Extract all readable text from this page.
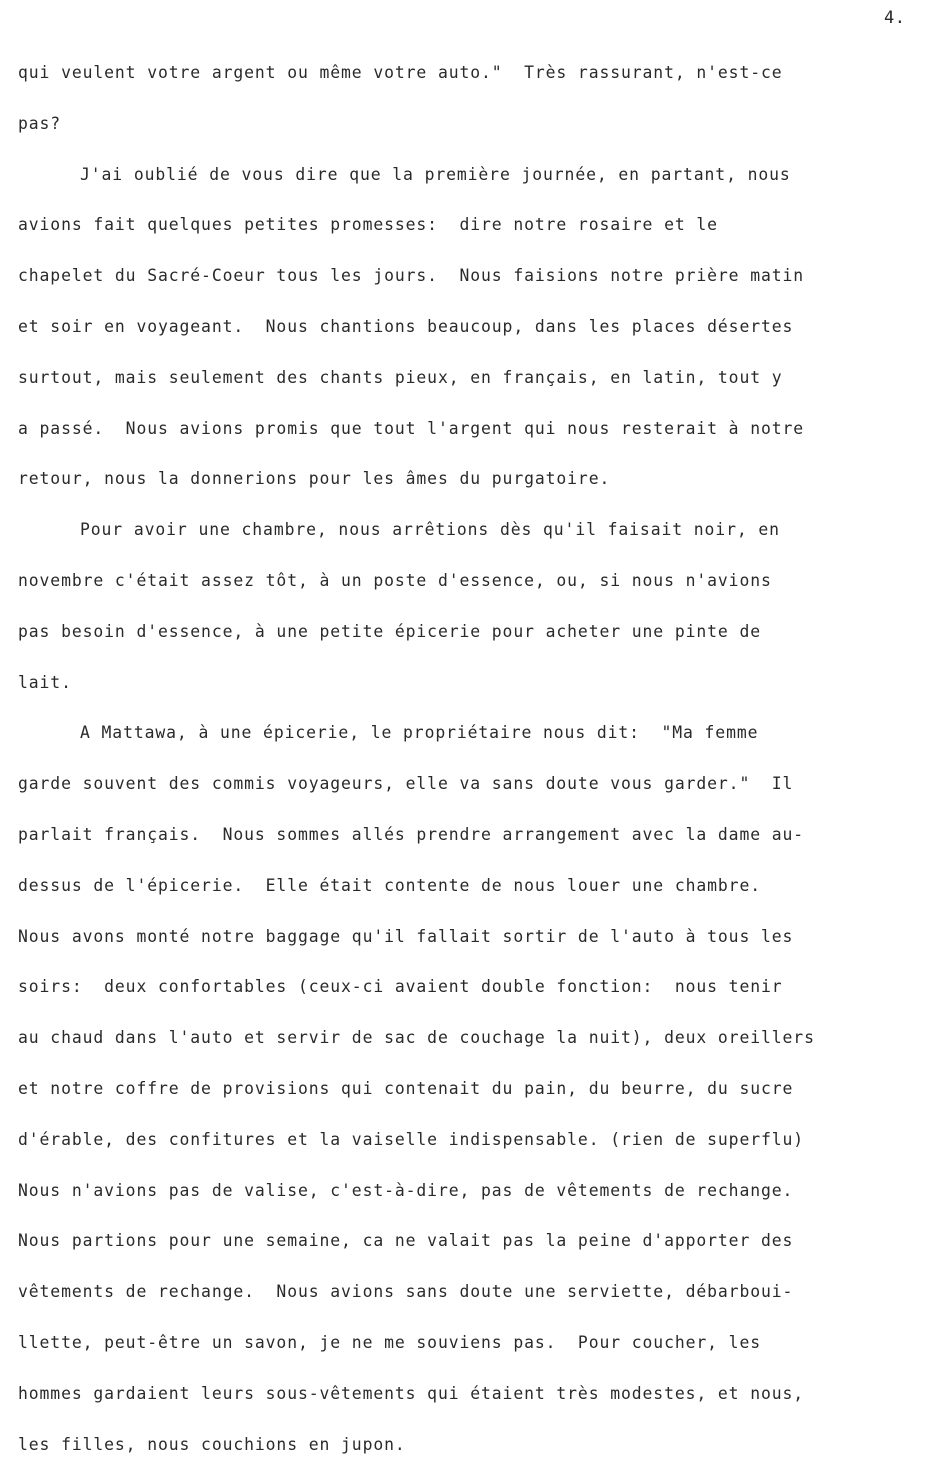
4.
qui veulent votre argent ou même votre auto."  Très rassurant, n'est-ce
pas?
J'ai oublié de vous dire que la première journée, en partant, nous
avions fait quelques petites promesses:  dire notre rosaire et le
chapelet du Sacré-Coeur tous les jours.  Nous faisions notre prière matin
et soir en voyageant.  Nous chantions beaucoup, dans les places désertes
surtout, mais seulement des chants pieux, en français, en latin, tout y
a passé.  Nous avions promis que tout l'argent qui nous resterait à notre
retour, nous la donnerions pour les âmes du purgatoire.
Pour avoir une chambre, nous arrêtions dès qu'il faisait noir, en
novembre c'était assez tôt, à un poste d'essence, ou, si nous n'avions
pas besoin d'essence, à une petite épicerie pour acheter une pinte de
lait.
A Mattawa, à une épicerie, le propriétaire nous dit:  "Ma femme
garde souvent des commis voyageurs, elle va sans doute vous garder."  Il
parlait français.  Nous sommes allés prendre arrangement avec la dame au-
dessus de l'épicerie.  Elle était contente de nous louer une chambre.
Nous avons monté notre baggage qu'il fallait sortir de l'auto à tous les
soirs:  deux confortables (ceux-ci avaient double fonction:  nous tenir
au chaud dans l'auto et servir de sac de couchage la nuit), deux oreillers
et notre coffre de provisions qui contenait du pain, du beurre, du sucre
d'érable, des confitures et la vaiselle indispensable. (rien de superflu)
Nous n'avions pas de valise, c'est-à-dire, pas de vêtements de rechange.
Nous partions pour une semaine, ca ne valait pas la peine d'apporter des
vêtements de rechange.  Nous avions sans doute une serviette, débarboui-
llette, peut-être un savon, je ne me souviens pas.  Pour coucher, les
hommes gardaient leurs sous-vêtements qui étaient très modestes, et nous,
les filles, nous couchions en jupon.
